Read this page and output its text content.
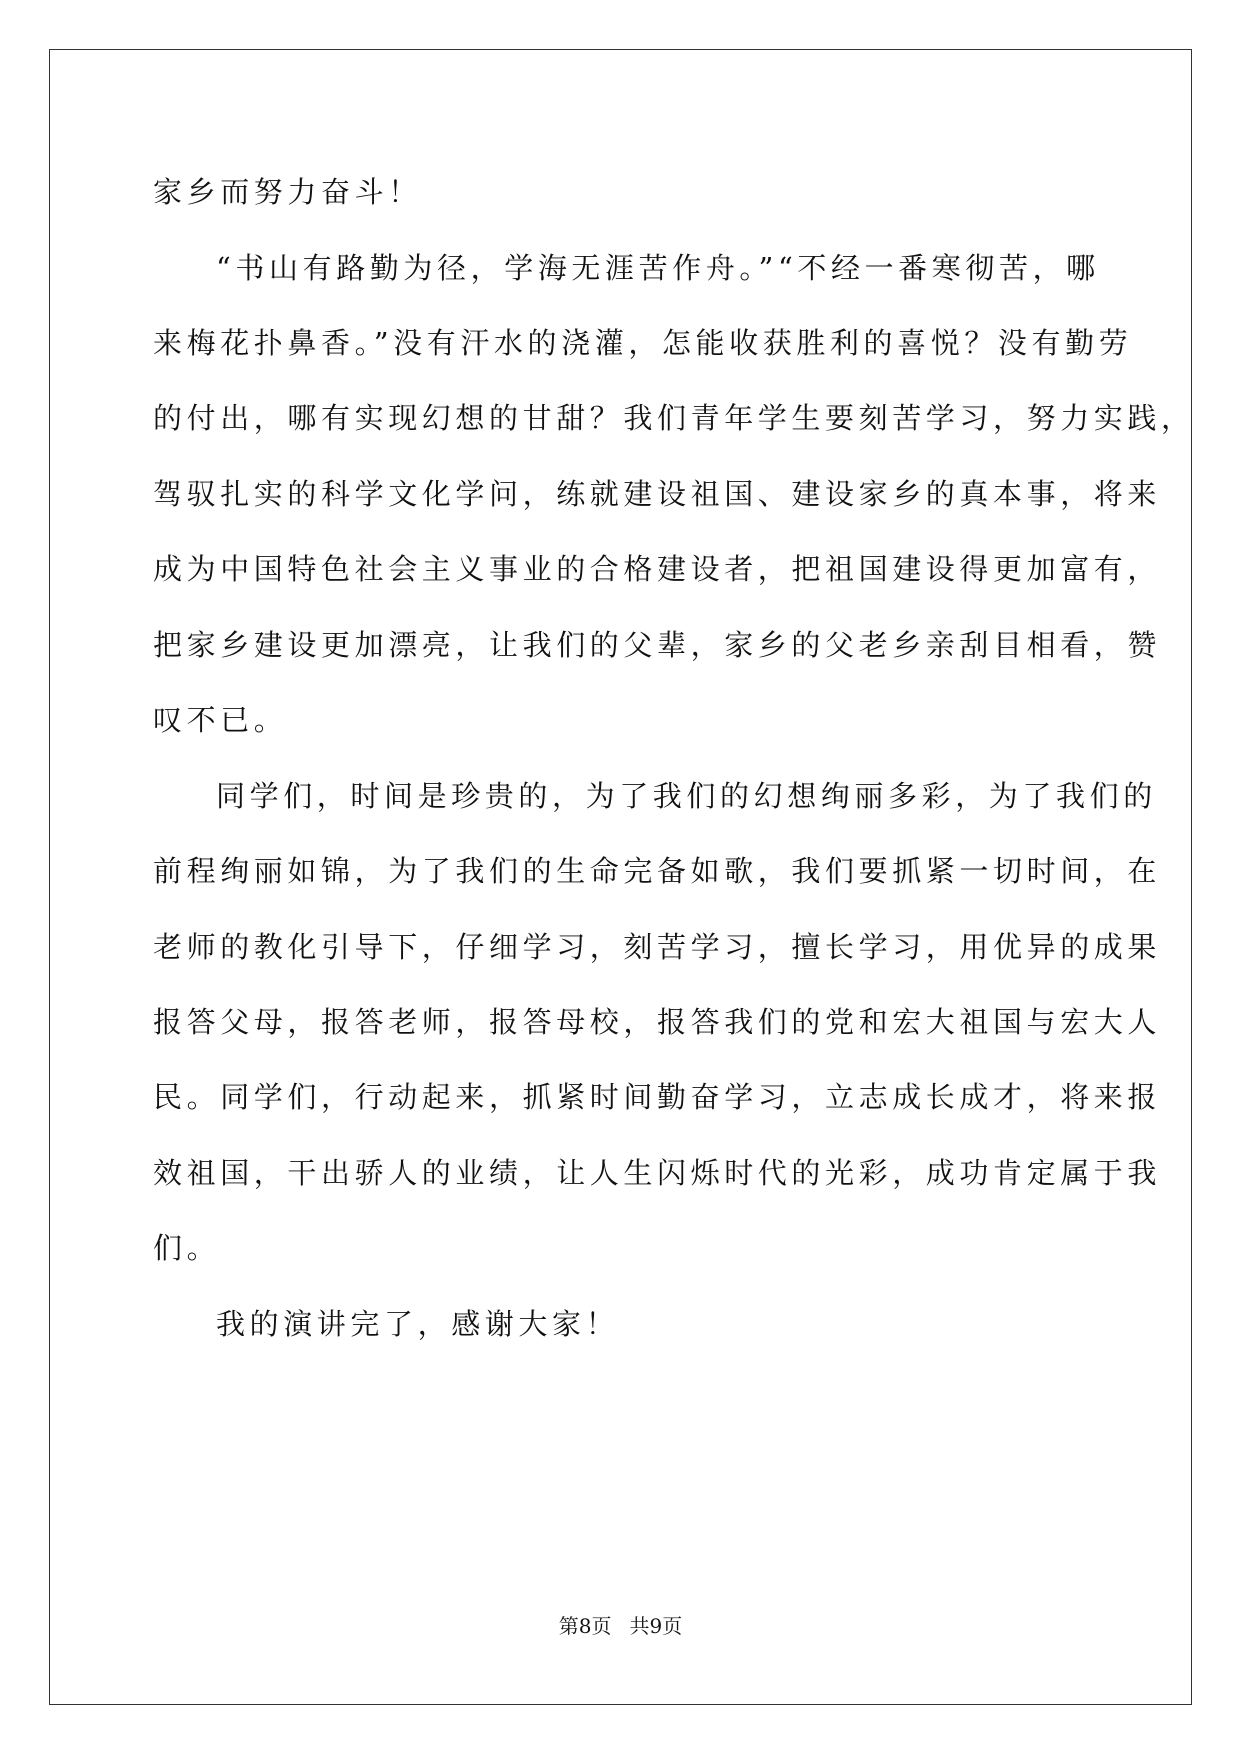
家乡而努力奋斗！
“书山有路勤为径，学海无涯苦作舟。”“不经一番寒彻苦，哪
来梅花扑鼻香。”没有汗水的浇灌，怎能收获胜利的喜悦？没有勤劳
的付出，哪有实现幻想的甘甜？我们青年学生要刻苦学习，努力实践，
驾驭扎实的科学文化学问，练就建设祖国、建设家乡的真本事，将来
成为中国特色社会主义事业的合格建设者，把祖国建设得更加富有，
把家乡建设更加漂亮，让我们的父辈，家乡的父老乡亲刮目相看，赞
叹不已。
同学们，时间是珍贵的，为了我们的幻想绚丽多彩，为了我们的
前程绚丽如锦，为了我们的生命完备如歌，我们要抓紧一切时间，在
老师的教化引导下，仔细学习，刻苦学习，擅长学习，用优异的成果
报答父母，报答老师，报答母校，报答我们的党和宏大祖国与宏大人
民。同学们，行动起来，抓紧时间勤奋学习，立志成长成才，将来报
效祖国，干出骄人的业绩，让人生闪烁时代的光彩，成功肯定属于我
们。
我的演讲完了，感谢大家！
第8页 共9页
